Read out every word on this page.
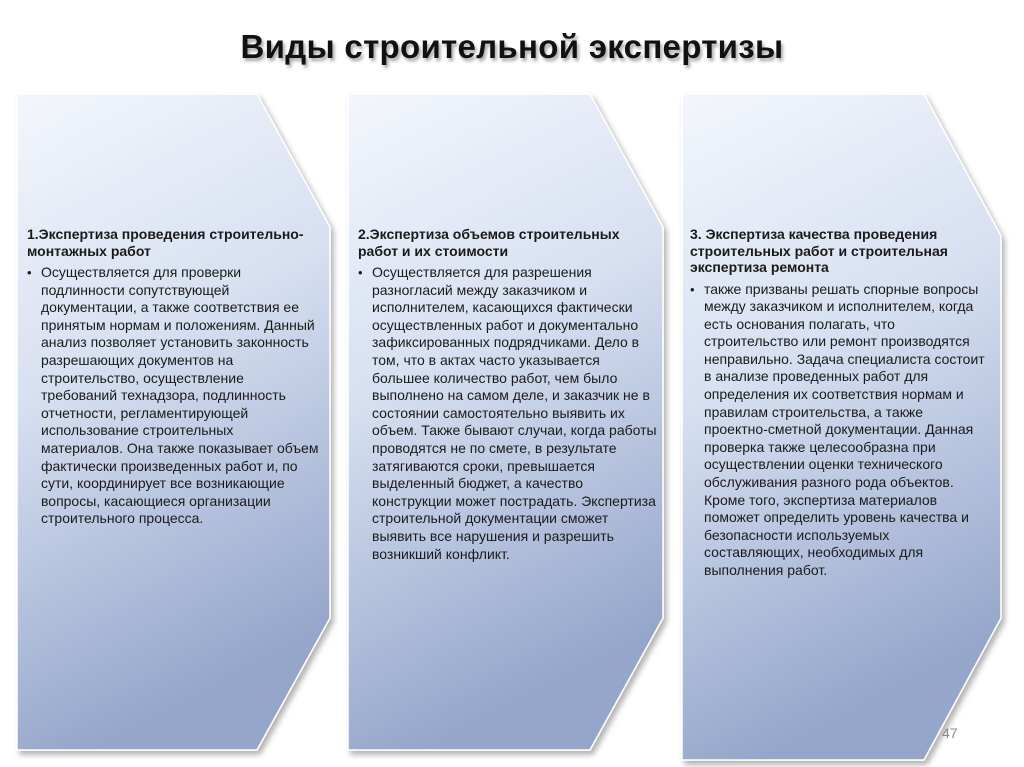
Виды строительной экспертизы
1.Экспертиза проведения строительно-монтажных работ
• Осуществляется для проверки подлинности сопутствующей документации, а также соответствия ее принятым нормам и положениям. Данный анализ позволяет установить законность разрешающих документов на строительство, осуществление требований технадзора, подлинность отчетности, регламентирующей использование строительных материалов. Она также показывает объем фактически произведенных работ и, по сути, координирует все возникающие вопросы, касающиеся организации строительного процесса.
2.Экспертиза объемов строительных работ и их стоимости
• Осуществляется для разрешения разногласий между заказчиком и исполнителем, касающихся фактически осуществленных работ и документально зафиксированных подрядчиками. Дело в том, что в актах часто указывается большее количество работ, чем было выполнено на самом деле, и заказчик не в состоянии самостоятельно выявить их объем. Также бывают случаи, когда работы проводятся не по смете, в результате затягиваются сроки, превышается выделенный бюджет, а качество конструкции может пострадать. Экспертиза строительной документации сможет выявить все нарушения и разрешить возникший конфликт.
3. Экспертиза качества проведения строительных работ и строительная экспертиза ремонта
• также призваны решать спорные вопросы между заказчиком и исполнителем, когда есть основания полагать, что строительство или ремонт производятся неправильно. Задача специалиста состоит в анализе проведенных работ для определения их соответствия нормам и правилам строительства, а также проектно-сметной документации. Данная проверка также целесообразна при осуществлении оценки технического обслуживания разного рода объектов. Кроме того, экспертиза материалов поможет определить уровень качества и безопасности используемых составляющих, необходимых для выполнения работ.
47
